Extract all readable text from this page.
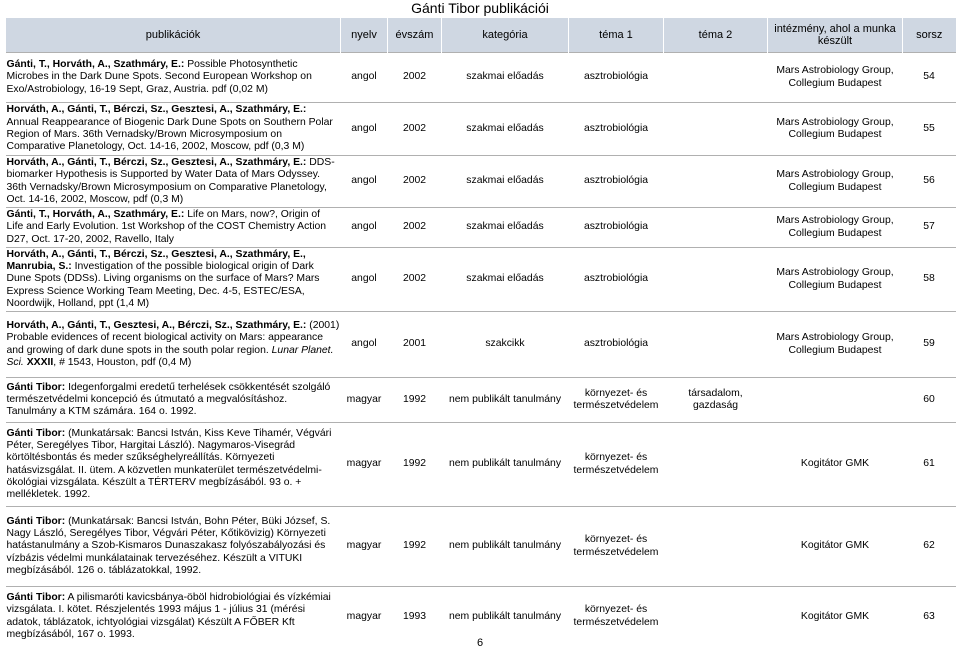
Gánti Tibor publikációi
publikációk	nyelv	évszám	kategória	téma 1	téma 2	intézmény, ahol a munka készült	sorsz
Gánti, T., Horváth, A., Szathmáry, E.: Possible Photosynthetic Microbes in the Dark Dune Spots. Second European Workshop on Exo/Astrobiology, 16-19 Sept, Graz, Austria. pdf (0,02 M)	angol	2002	szakmai előadás	asztrobiológia		Mars Astrobiology Group, Collegium Budapest	54
Horváth, A., Gánti, T., Bérczi, Sz., Gesztesi, A., Szathmáry, E.: Annual Reappearance of Biogenic Dark Dune Spots on Southern Polar Region of Mars. 36th Vernadsky/Brown Microsymposium on Comparative Planetology, Oct. 14-16, 2002, Moscow, pdf (0,3 M)	angol	2002	szakmai előadás	asztrobiológia		Mars Astrobiology Group, Collegium Budapest	55
Horváth, A., Gánti, T., Bérczi, Sz., Gesztesi, A., Szathmáry, E.: DDS-biomarker Hypothesis is Supported by Water Data of Mars Odyssey. 36th Vernadsky/Brown Microsymposium on Comparative Planetology, Oct. 14-16, 2002, Moscow, pdf (0,3 M)	angol	2002	szakmai előadás	asztrobiológia		Mars Astrobiology Group, Collegium Budapest	56
Gánti, T., Horváth, A., Szathmáry, E.: Life on Mars, now?, Origin of Life and Early Evolution. 1st Workshop of the COST Chemistry Action D27, Oct. 17-20, 2002, Ravello, Italy	angol	2002	szakmai előadás	asztrobiológia		Mars Astrobiology Group, Collegium Budapest	57
Horváth, A., Gánti, T., Bérczi, Sz., Gesztesi, A., Szathmáry, E., Manrubia, S.: Investigation of the possible biological origin of Dark Dune Spots (DDSs). Living organisms on the surface of Mars? Mars Express Science Working Team Meeting, Dec. 4-5, ESTEC/ESA, Noordwijk, Holland, ppt (1,4 M)	angol	2002	szakmai előadás	asztrobiológia		Mars Astrobiology Group, Collegium Budapest	58
Horváth, A., Gánti, T., Gesztesi, A., Bérczi, Sz., Szathmáry, E.: (2001) Probable evidences of recent biological activity on Mars: appearance and growing of dark dune spots in the south polar region. Lunar Planet. Sci. XXXII, # 1543, Houston, pdf (0,4 M)	angol	2001	szakcikk	asztrobiológia		Mars Astrobiology Group, Collegium Budapest	59
Gánti Tibor: Idegenforgalmi eredetű terhelések csökkentését szolgáló természetvédelmi koncepció és útmutató a megvalósításhoz. Tanulmány a KTM számára. 164 o. 1992.	magyar	1992	nem publikált tanulmány	környezet- és természetvédelem	társadalom, gazdaság		60
Gánti Tibor: (Munkatársak: Bancsi István, Kiss Keve Tihamér, Végvári Péter, Seregélyes Tibor, Hargitai László). Nagymaros-Visegrád körtöltésbontás és meder szűkséghelyreállítás. Környezeti hatásvizsgálat. II. ütem. A közvetlen munkaterület természetvédelmi-ökológiai vizsgálata. Készült a TÉRTERV megbízásából. 93 o. + mellékletek. 1992.	magyar	1992	nem publikált tanulmány	környezet- és természetvédelem		Kogitátor GMK	61
Gánti Tibor: (Munkatársak: Bancsi István, Bohn Péter, Büki József, S. Nagy László, Seregélyes Tibor, Végvári Péter, Kőtikövizig) Környezeti hatástanulmány a Szob-Kismaros Dunaszakasz folyószabályozási és vízbázis védelmi munkálatainak tervezéséhez. Készült a VITUKI megbízásából. 126 o. táblázatokkal, 1992.	magyar	1992	nem publikált tanulmány	környezet- és természetvédelem		Kogitátor GMK	62
Gánti Tibor: A pilismaróti kavicsbánya-öböl hidrobiológiai és vízkémiai vizsgálata. I. kötet. Részjelentés 1993 május 1 - július 31 (mérési adatok, táblázatok, ichtyológiai vizsgálat) Készült A FŐBER Kft megbízásából, 167 o. 1993.	magyar	1993	nem publikált tanulmány	környezet- és természetvédelem		Kogitátor GMK	63
6
